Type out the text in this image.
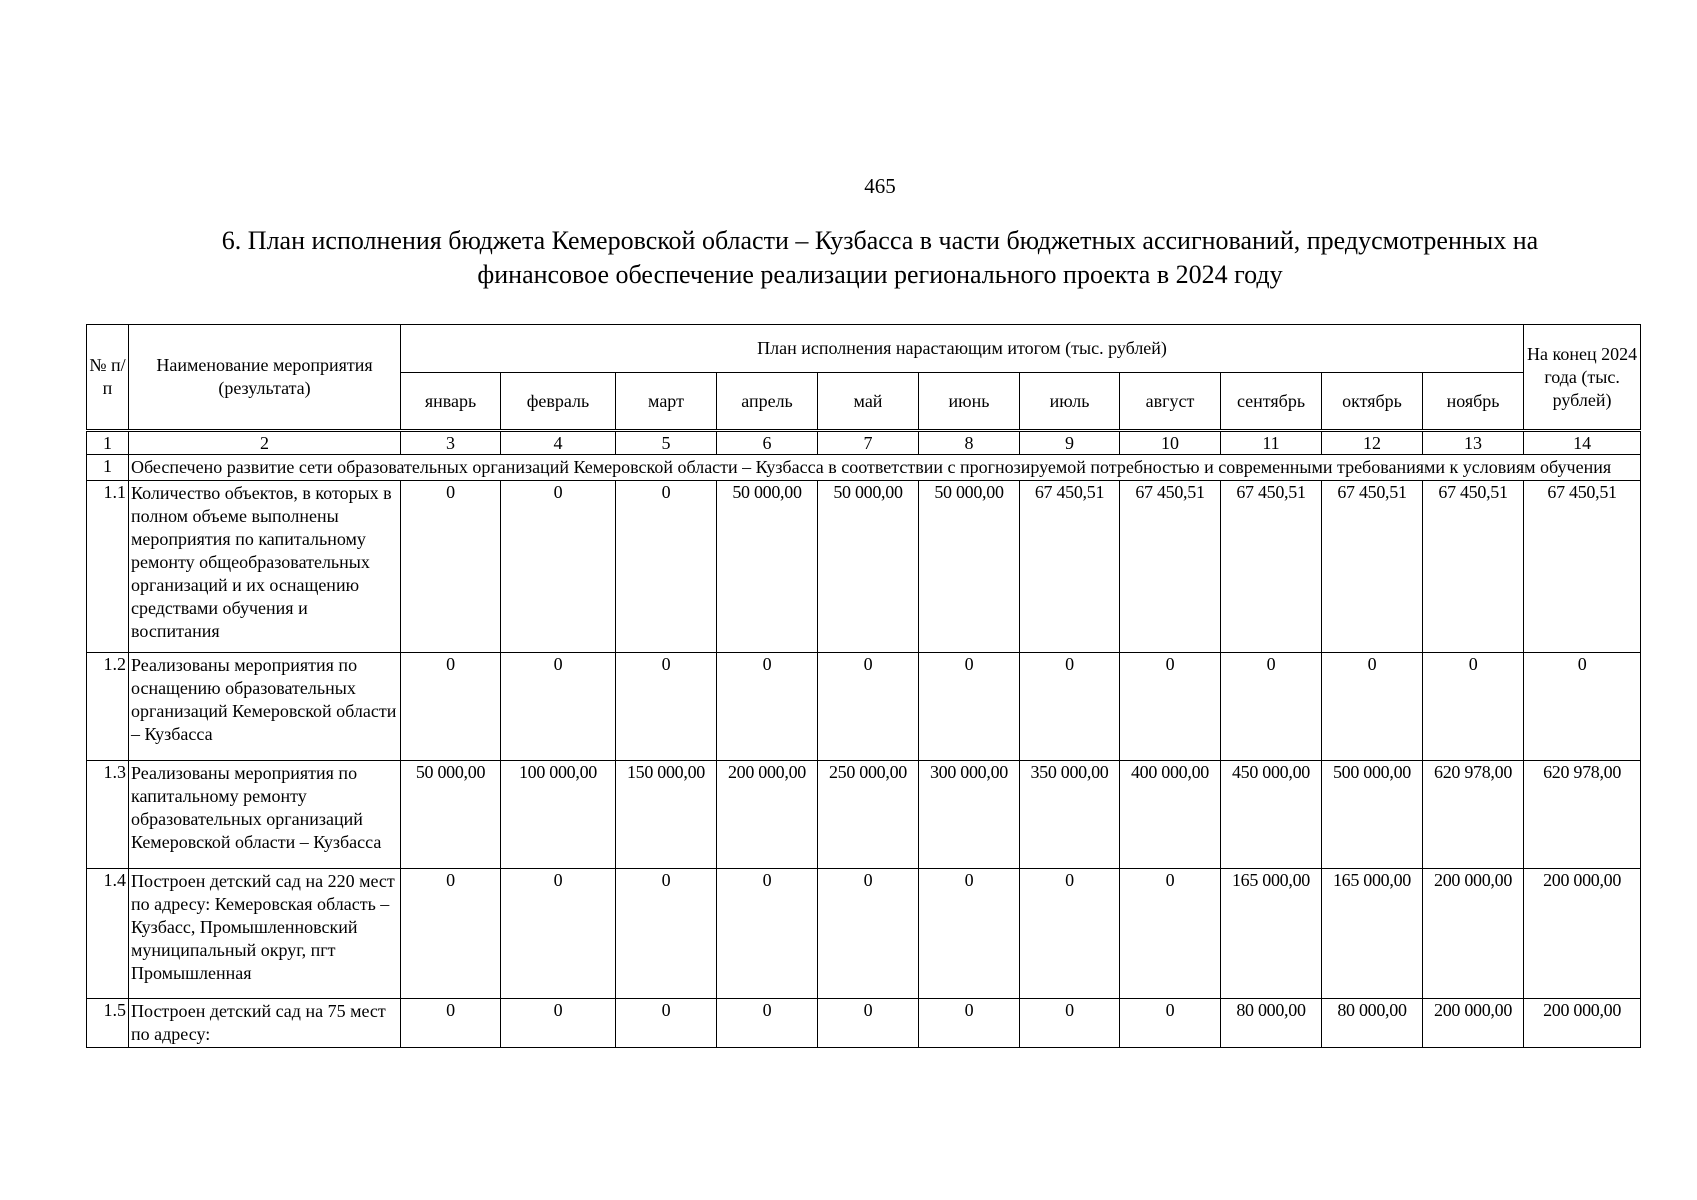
465
6. План исполнения бюджета Кемеровской области – Кузбасса в части бюджетных ассигнований, предусмотренных на
финансовое обеспечение реализации регионального проекта в 2024 году
№ п/п	Наименование мероприятия (результата)	План исполнения нарастающим итогом (тыс. рублей)											На конец 2024 года (тыс. рублей)
		январь	февраль	март	апрель	май	июнь	июль	август	сентябрь	октябрь	ноябрь	
1	2	3	4	5	6	7	8	9	10	11	12	13	14
1	Обеспечено развитие сети образовательных организаций Кемеровской области – Кузбасса в соответствии с прогнозируемой потребностью и современными требованиями к условиям обучения												
1.1	Количество объектов, в которых в полном объеме выполнены мероприятия по капитальному ремонту общеобразовательных организаций и их оснащению средствами обучения и воспитания	0	0	0	50 000,00	50 000,00	50 000,00	67 450,51	67 450,51	67 450,51	67 450,51	67 450,51	67 450,51
1.2	Реализованы мероприятия по оснащению образовательных организаций Кемеровской области – Кузбасса	0	0	0	0	0	0	0	0	0	0	0	0
1.3	Реализованы мероприятия по капитальному ремонту образовательных организаций Кемеровской области – Кузбасса	50 000,00	100 000,00	150 000,00	200 000,00	250 000,00	300 000,00	350 000,00	400 000,00	450 000,00	500 000,00	620 978,00	620 978,00
1.4	Построен детский сад на 220 мест по адресу: Кемеровская область – Кузбасс, Промышленновский муниципальный округ, пгт Промышленная	0	0	0	0	0	0	0	0	165 000,00	165 000,00	200 000,00	200 000,00
1.5	Построен детский сад на 75 мест по адресу:	0	0	0	0	0	0	0	0	80 000,00	80 000,00	200 000,00	200 000,00
